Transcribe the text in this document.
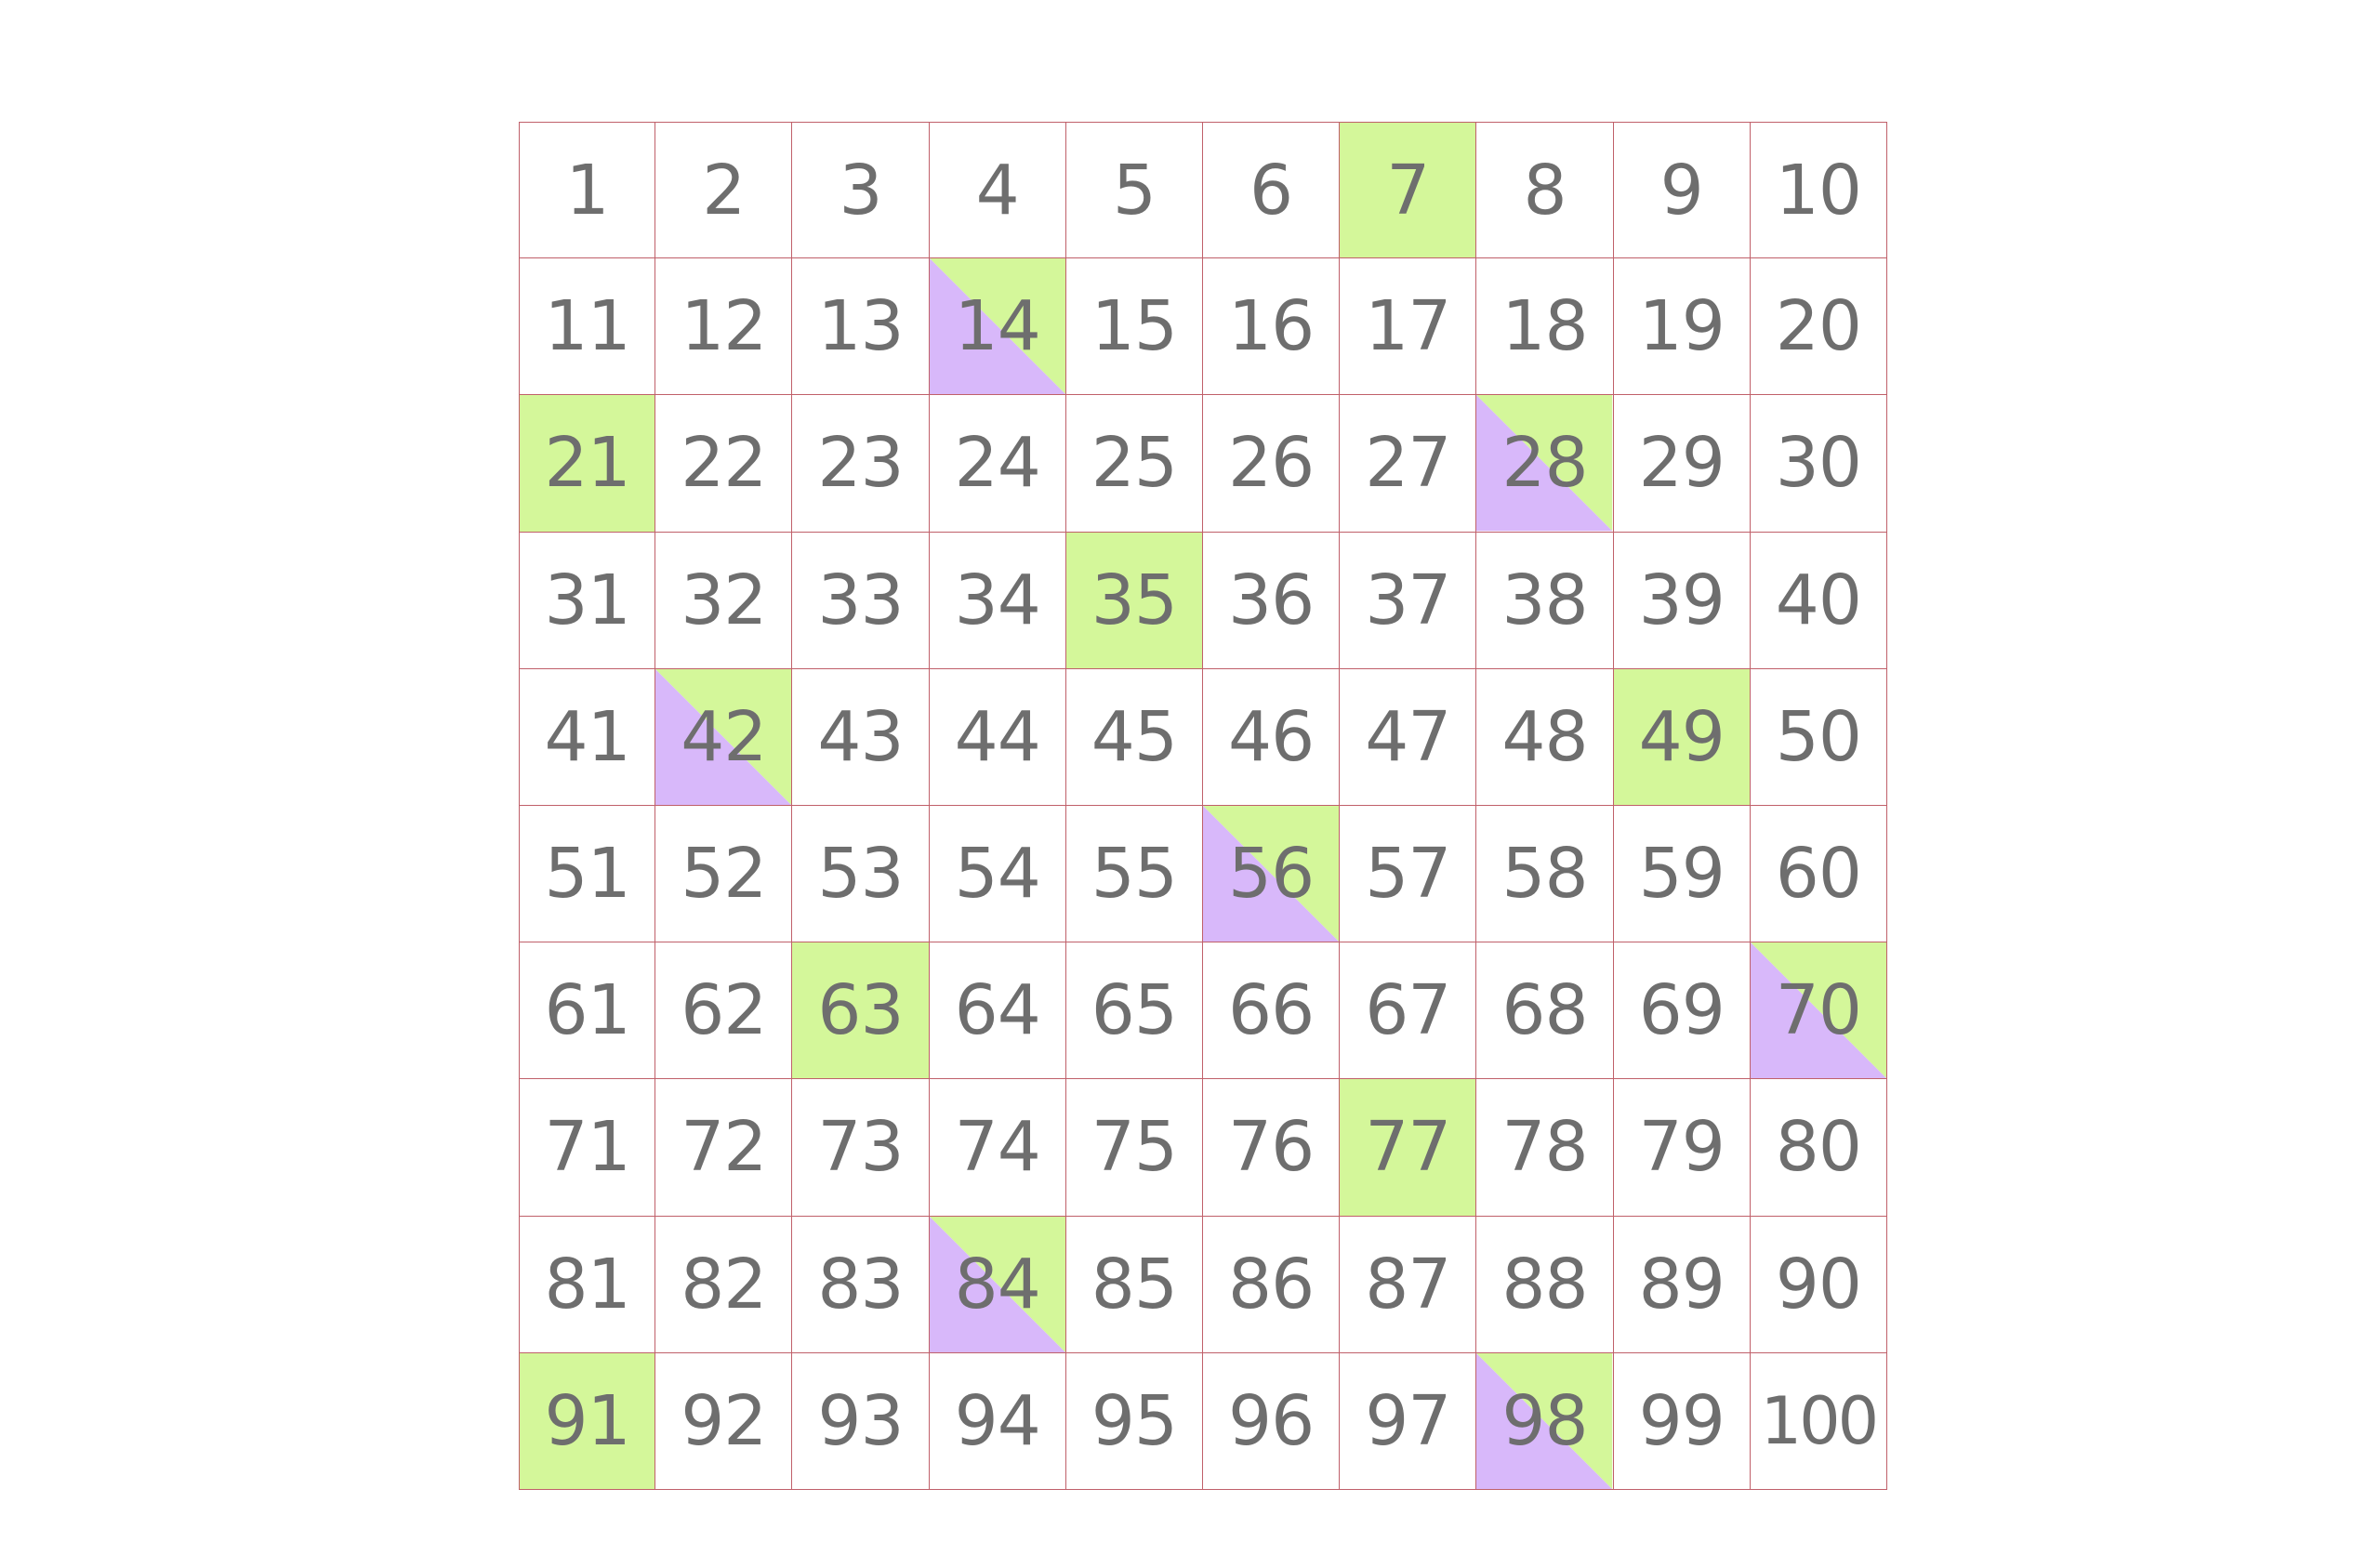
1 2 3 4 5 6 7 8 9 10
11 12 13 14 15 16 17 18 19 20
21 22 23 24 25 26 27 28 29 30
31 32 33 34 35 36 37 38 39 40
41 42 43 44 45 46 47 48 49 50
51 52 53 54 55 56 57 58 59 60
61 62 63 64 65 66 67 68 69 70
71 72 73 74 75 76 77 78 79 80
81 82 83 84 85 86 87 88 89 90
91 92 93 94 95 96 97 98 99 100
